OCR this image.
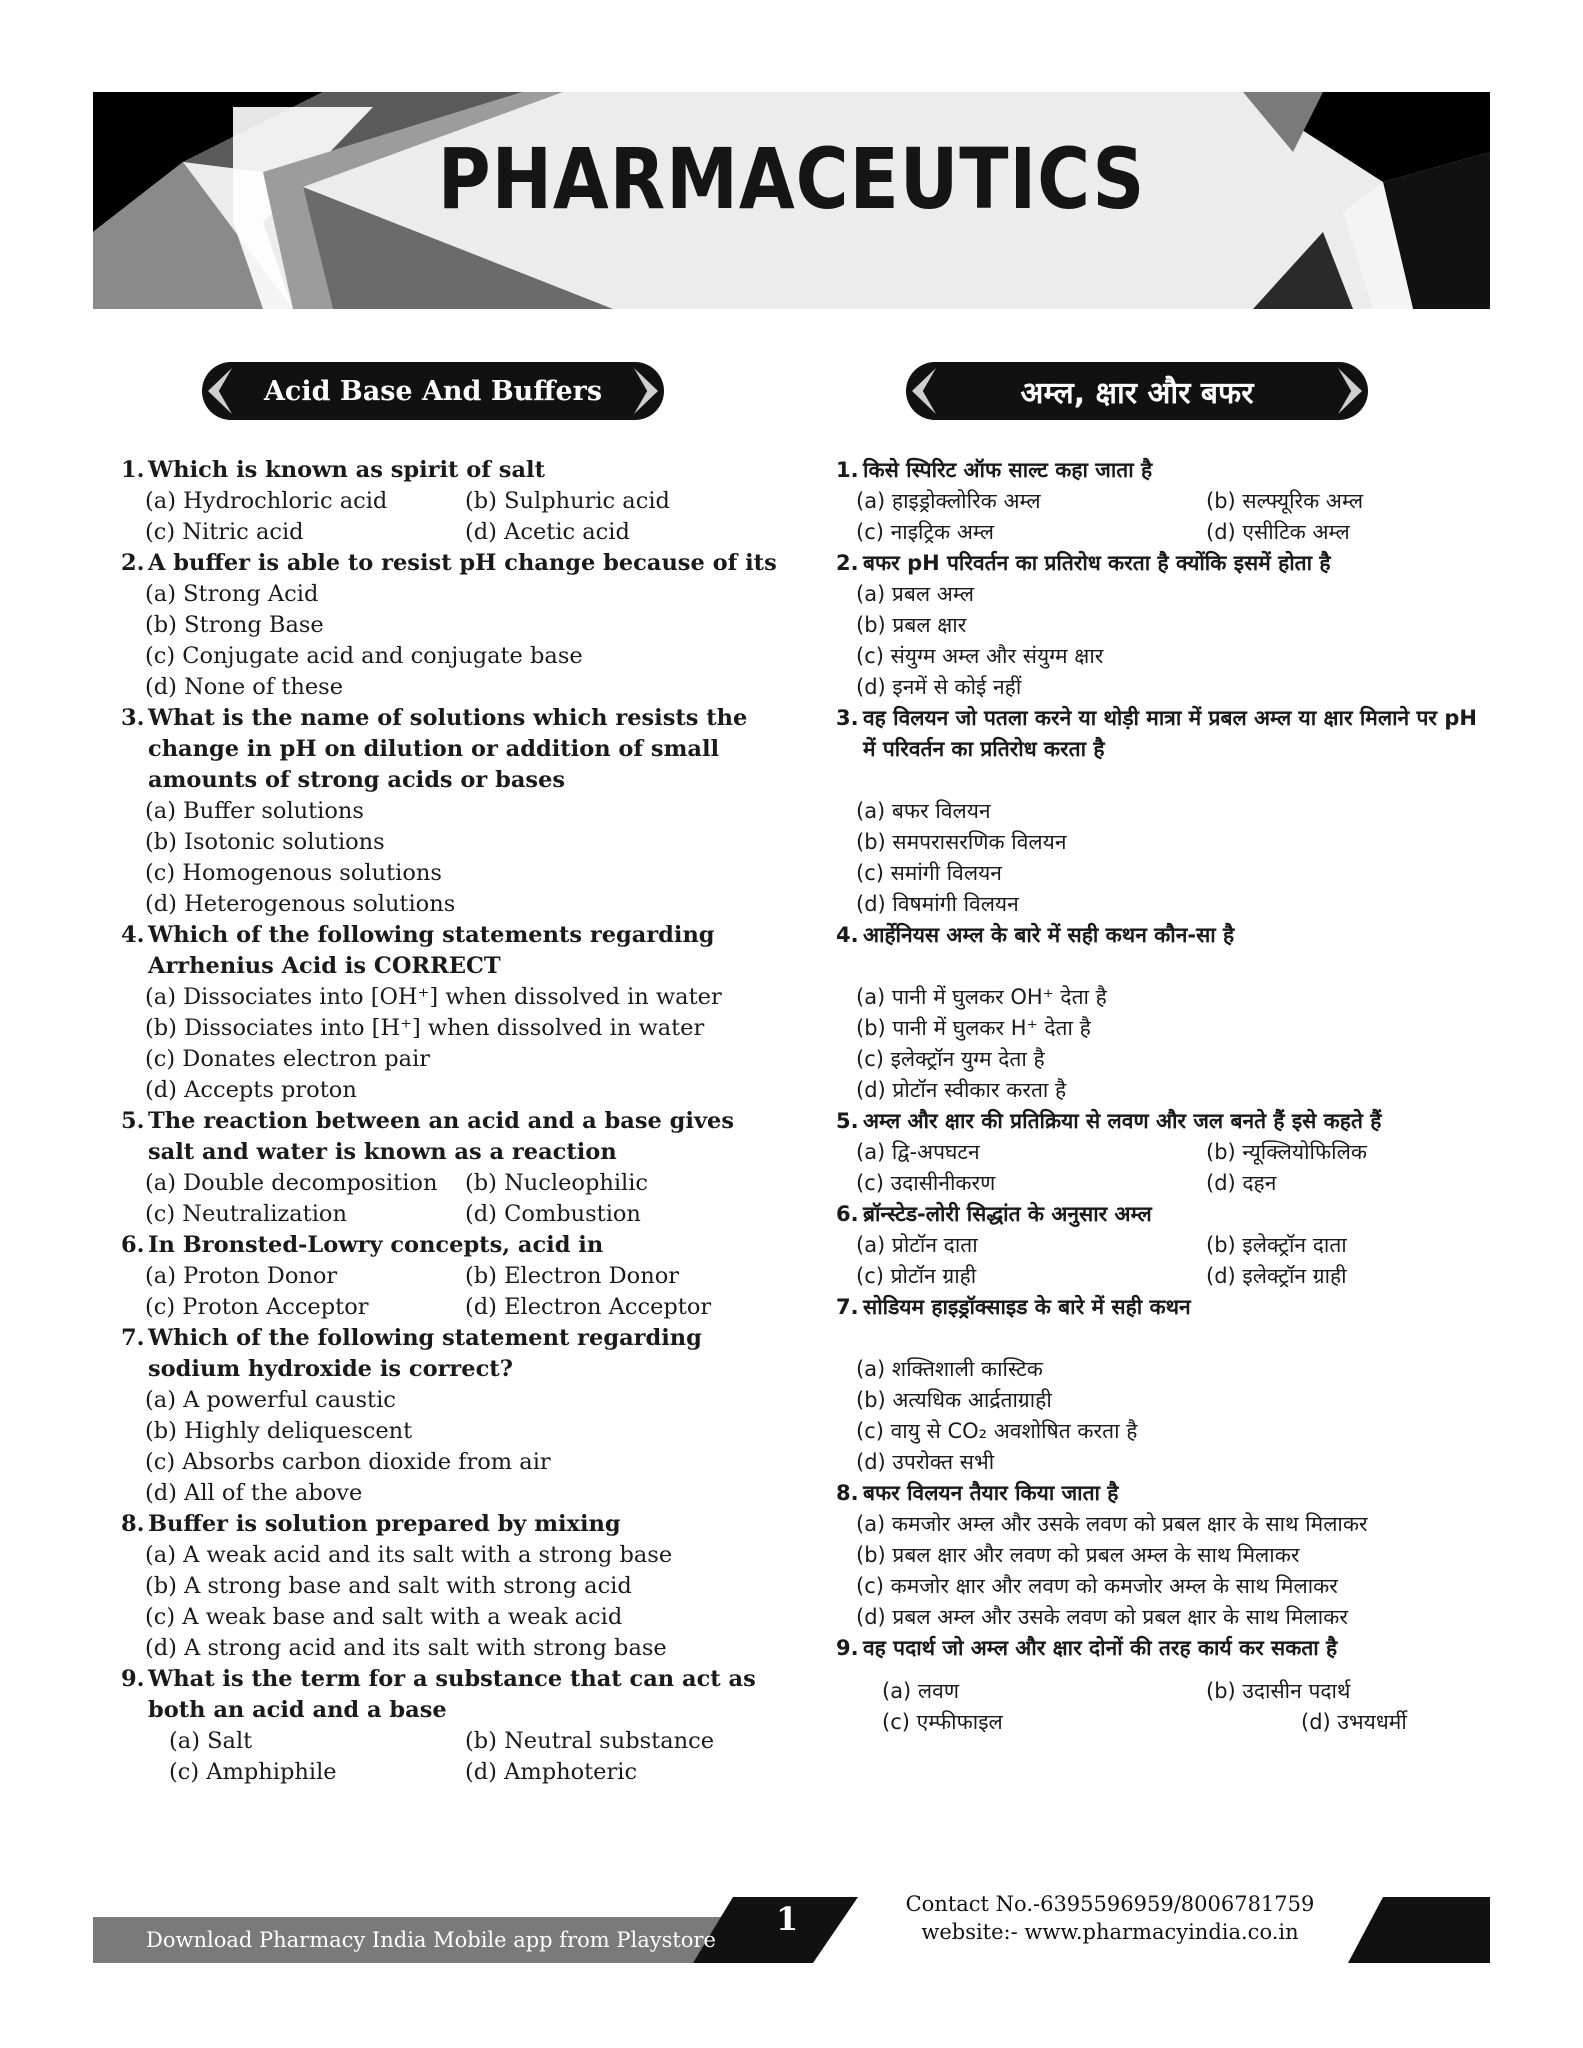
PHARMACEUTICS
Acid Base And Buffers	अम्ल, क्षार और बफर
1. Which is known as spirit of salt
(a) Hydrochloric acid	(b) Sulphuric acid
(c) Nitric acid	(d) Acetic acid
2. A buffer is able to resist pH change because of its
(a) Strong Acid
(b) Strong Base
(c) Conjugate acid and conjugate base
(d) None of these
3. What is the name of solutions which resists the change in pH on dilution or addition of small amounts of strong acids or bases
(a) Buffer solutions
(b) Isotonic solutions
(c) Homogenous solutions
(d) Heterogenous solutions
4. Which of the following statements regarding Arrhenius Acid is CORRECT
(a) Dissociates into [OH⁺] when dissolved in water
(b) Dissociates into [H⁺] when dissolved in water
(c) Donates electron pair
(d) Accepts proton
5. The reaction between an acid and a base gives salt and water is known as a reaction
(a) Double decomposition	(b) Nucleophilic
(c) Neutralization	(d) Combustion
6. In Bronsted-Lowry concepts, acid in
(a) Proton Donor	(b) Electron Donor
(c) Proton Acceptor	(d) Electron Acceptor
7. Which of the following statement regarding sodium hydroxide is correct?
(a) A powerful caustic
(b) Highly deliquescent
(c) Absorbs carbon dioxide from air
(d) All of the above
8. Buffer is solution prepared by mixing
(a) A weak acid and its salt with a strong base
(b) A strong base and salt with strong acid
(c) A weak base and salt with a weak acid
(d) A strong acid and its salt with strong base
9. What is the term for a substance that can act as both an acid and a base
(a) Salt	(b) Neutral substance
(c) Amphiphile	(d) Amphoteric
1. किसे स्पिरिट ऑफ साल्ट कहा जाता है
(a) हाइड्रोक्लोरिक अम्ल	(b) सल्फ्यूरिक अम्ल
(c) नाइट्रिक अम्ल	(d) एसीटिक अम्ल
2. बफर pH परिवर्तन का प्रतिरोध करता है क्योंकि इसमें होता है
(a) प्रबल अम्ल
(b) प्रबल क्षार
(c) संयुग्म अम्ल और संयुग्म क्षार
(d) इनमें से कोई नहीं
3. वह विलयन जो पतला करने या थोड़ी मात्रा में प्रबल अम्ल या क्षार मिलाने पर pH में परिवर्तन का प्रतिरोध करता है
(a) बफर विलयन
(b) समपरासरणिक विलयन
(c) समांगी विलयन
(d) विषमांगी विलयन
4. आर्हेनियस अम्ल के बारे में सही कथन कौन-सा है
(a) पानी में घुलकर OH⁺ देता है
(b) पानी में घुलकर H⁺ देता है
(c) इलेक्ट्रॉन युग्म देता है
(d) प्रोटॉन स्वीकार करता है
5. अम्ल और क्षार की प्रतिक्रिया से लवण और जल बनते हैं इसे कहते हैं
(a) द्वि-अपघटन	(b) न्यूक्लियोफिलिक
(c) उदासीनीकरण	(d) दहन
6. ब्रॉन्स्टेड-लोरी सिद्धांत के अनुसार अम्ल
(a) प्रोटॉन दाता	(b) इलेक्ट्रॉन दाता
(c) प्रोटॉन ग्राही	(d) इलेक्ट्रॉन ग्राही
7. सोडियम हाइड्रॉक्साइड के बारे में सही कथन
(a) शक्तिशाली कास्टिक
(b) अत्यधिक आर्द्रताग्राही
(c) वायु से CO₂ अवशोषित करता है
(d) उपरोक्त सभी
8. बफर विलयन तैयार किया जाता है
(a) कमजोर अम्ल और उसके लवण को प्रबल क्षार के साथ मिलाकर
(b) प्रबल क्षार और लवण को प्रबल अम्ल के साथ मिलाकर
(c) कमजोर क्षार और लवण को कमजोर अम्ल के साथ मिलाकर
(d) प्रबल अम्ल और उसके लवण को प्रबल क्षार के साथ मिलाकर
9. वह पदार्थ जो अम्ल और क्षार दोनों की तरह कार्य कर सकता है
(a) लवण	(b) उदासीन पदार्थ
(c) एम्फीफाइल	(d) उभयधर्मी
Download Pharmacy India Mobile app from Playstore
1	Contact No.-6395596959/8006781759
website:- www.pharmacyindia.co.in
